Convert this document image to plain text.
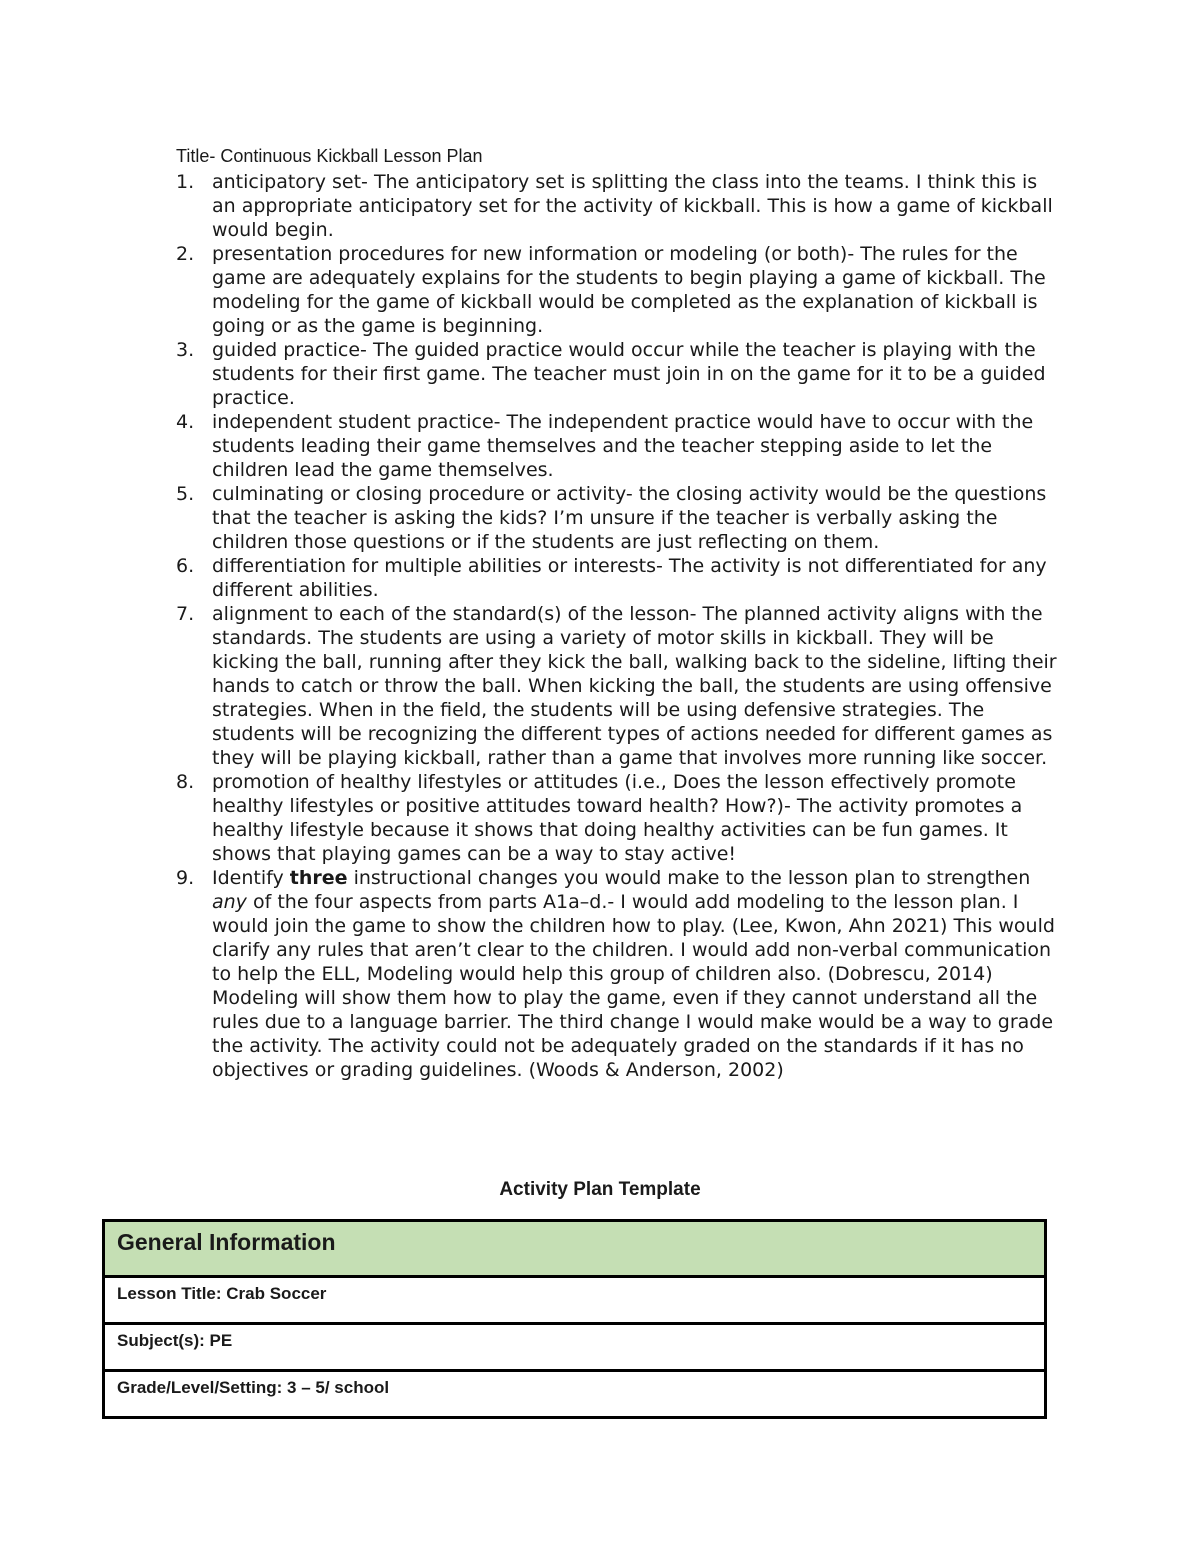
Title- Continuous Kickball Lesson Plan
1. anticipatory set- The anticipatory set is splitting the class into the teams. I think this is an appropriate anticipatory set for the activity of kickball. This is how a game of kickball would begin.
2. presentation procedures for new information or modeling (or both)- The rules for the game are adequately explains for the students to begin playing a game of kickball. The modeling for the game of kickball would be completed as the explanation of kickball is going or as the game is beginning.
3. guided practice- The guided practice would occur while the teacher is playing with the students for their first game. The teacher must join in on the game for it to be a guided practice.
4. independent student practice- The independent practice would have to occur with the students leading their game themselves and the teacher stepping aside to let the children lead the game themselves.
5. culminating or closing procedure or activity- the closing activity would be the questions that the teacher is asking the kids? I’m unsure if the teacher is verbally asking the children those questions or if the students are just reflecting on them.
6. differentiation for multiple abilities or interests- The activity is not differentiated for any different abilities.
7. alignment to each of the standard(s) of the lesson- The planned activity aligns with the standards. The students are using a variety of motor skills in kickball. They will be kicking the ball, running after they kick the ball, walking back to the sideline, lifting their hands to catch or throw the ball. When kicking the ball, the students are using offensive strategies. When in the field, the students will be using defensive strategies. The students will be recognizing the different types of actions needed for different games as they will be playing kickball, rather than a game that involves more running like soccer.
8. promotion of healthy lifestyles or attitudes (i.e., Does the lesson effectively promote healthy lifestyles or positive attitudes toward health? How?)- The activity promotes a healthy lifestyle because it shows that doing healthy activities can be fun games. It shows that playing games can be a way to stay active!
9. Identify three instructional changes you would make to the lesson plan to strengthen any of the four aspects from parts A1a–d.- I would add modeling to the lesson plan. I would join the game to show the children how to play. (Lee, Kwon, Ahn 2021) This would clarify any rules that aren’t clear to the children. I would add non-verbal communication to help the ELL, Modeling would help this group of children also. (Dobrescu, 2014) Modeling will show them how to play the game, even if they cannot understand all the rules due to a language barrier. The third change I would make would be a way to grade the activity. The activity could not be adequately graded on the standards if it has no objectives or grading guidelines. (Woods & Anderson, 2002)
Activity Plan Template
General Information
Lesson Title: Crab Soccer
Subject(s): PE
Grade/Level/Setting: 3 – 5/ school
